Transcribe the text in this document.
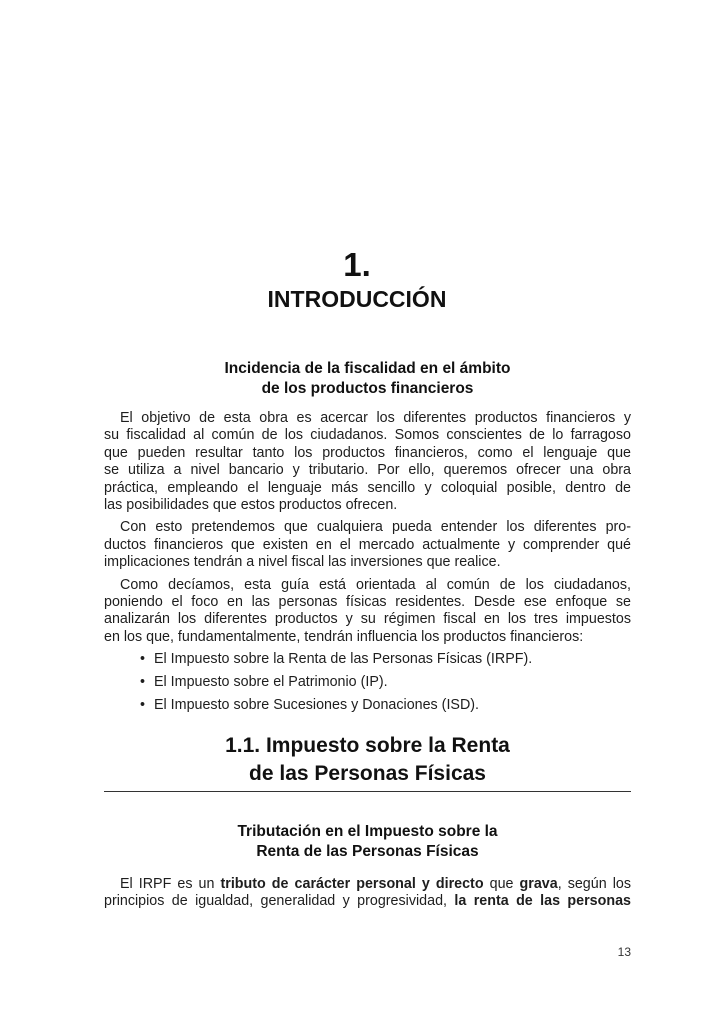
1.
INTRODUCCIÓN
Incidencia de la fiscalidad en el ámbito
de los productos financieros
El objetivo de esta obra es acercar los diferentes productos financieros y
su fiscalidad al común de los ciudadanos. Somos conscientes de lo farragoso
que pueden resultar tanto los productos financieros, como el lenguaje que
se utiliza a nivel bancario y tributario. Por ello, queremos ofrecer una obra
práctica, empleando el lenguaje más sencillo y coloquial posible, dentro de
las posibilidades que estos productos ofrecen.
Con esto pretendemos que cualquiera pueda entender los diferentes pro-
ductos financieros que existen en el mercado actualmente y comprender qué
implicaciones tendrán a nivel fiscal las inversiones que realice.
Como decíamos, esta guía está orientada al común de los ciudadanos,
poniendo el foco en las personas físicas residentes. Desde ese enfoque se
analizarán los diferentes productos y su régimen fiscal en los tres impuestos
en los que, fundamentalmente, tendrán influencia los productos financieros:
• El Impuesto sobre la Renta de las Personas Físicas (IRPF).
• El Impuesto sobre el Patrimonio (IP).
• El Impuesto sobre Sucesiones y Donaciones (ISD).
1.1. Impuesto sobre la Renta
de las Personas Físicas
Tributación en el Impuesto sobre la
Renta de las Personas Físicas
El IRPF es un tributo de carácter personal y directo que grava, según los
principios de igualdad, generalidad y progresividad, la renta de las personas
13
